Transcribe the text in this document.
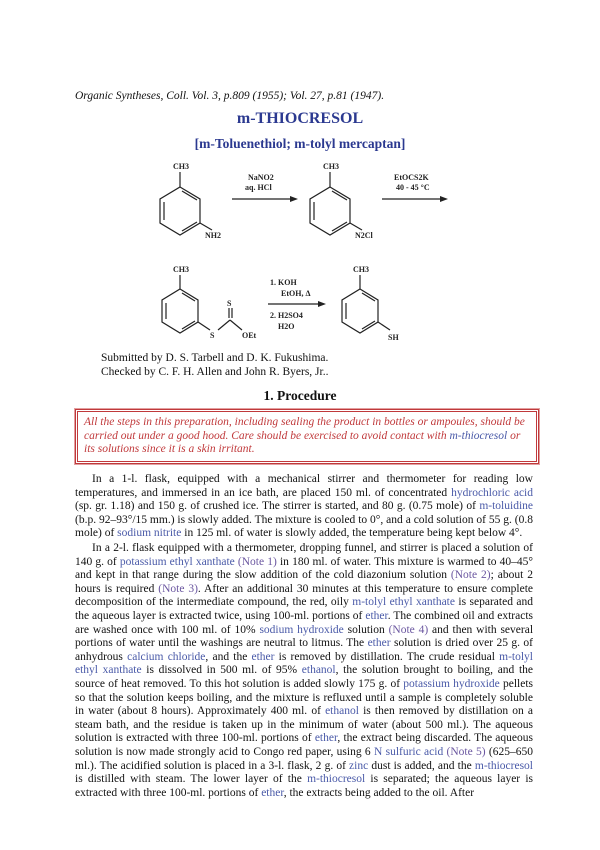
Organic Syntheses, Coll. Vol. 3, p.809 (1955); Vol. 27, p.81 (1947).
m-THIOCRESOL
[m-Toluenethiol; m-tolyl mercaptan]
CH3
NH2
NaNO2
aq. HCl
CH3
N2Cl
EtOCS2K
40 - 45 °C
CH3
S
S
OEt
1. KOH
EtOH, Δ
2. H2SO4
H2O
CH3
SH
Submitted by D. S. Tarbell and D. K. Fukushima.
Checked by C. F. H. Allen and John R. Byers, Jr..
1. Procedure
All the steps in this preparation, including sealing the product in bottles or ampoules, should be carried out under a good hood. Care should be exercised to avoid contact with m-thiocresol or its solutions since it is a skin irritant.

In a 1-l. flask, equipped with a mechanical stirrer and thermometer for reading low temperatures, and immersed in an ice bath, are placed 150 ml. of concentrated hydrochloric acid (sp. gr. 1.18) and 150 g. of crushed ice. The stirrer is started, and 80 g. (0.75 mole) of m-toluidine (b.p. 92–93°/15 mm.) is slowly added. The mixture is cooled to 0°, and a cold solution of 55 g. (0.8 mole) of sodium nitrite in 125 ml. of water is slowly added, the temperature being kept below 4°.

In a 2-l. flask equipped with a thermometer, dropping funnel, and stirrer is placed a solution of 140 g. of potassium ethyl xanthate (Note 1) in 180 ml. of water. This mixture is warmed to 40–45° and kept in that range during the slow addition of the cold diazonium solution (Note 2); about 2 hours is required (Note 3). After an additional 30 minutes at this temperature to ensure complete decomposition of the intermediate compound, the red, oily m-tolyl ethyl xanthate is separated and the aqueous layer is extracted twice, using 100-ml. portions of ether. The combined oil and extracts are washed once with 100 ml. of 10% sodium hydroxide solution (Note 4) and then with several portions of water until the washings are neutral to litmus. The ether solution is dried over 25 g. of anhydrous calcium chloride, and the ether is removed by distillation. The crude residual m-tolyl ethyl xanthate is dissolved in 500 ml. of 95% ethanol, the solution brought to boiling, and the source of heat removed. To this hot solution is added slowly 175 g. of potassium hydroxide pellets so that the solution keeps boiling, and the mixture is refluxed until a sample is completely soluble in water (about 8 hours). Approximately 400 ml. of ethanol is then removed by distillation on a steam bath, and the residue is taken up in the minimum of water (about 500 ml.). The aqueous solution is extracted with three 100-ml. portions of ether, the extract being discarded. The aqueous solution is now made strongly acid to Congo red paper, using 6 N sulfuric acid (Note 5) (625–650 ml.). The acidified solution is placed in a 3-l. flask, 2 g. of zinc dust is added, and the m-thiocresol is distilled with steam. The lower layer of the m-thiocresol is separated; the aqueous layer is extracted with three 100-ml. portions of ether, the extracts being added to the oil. After
